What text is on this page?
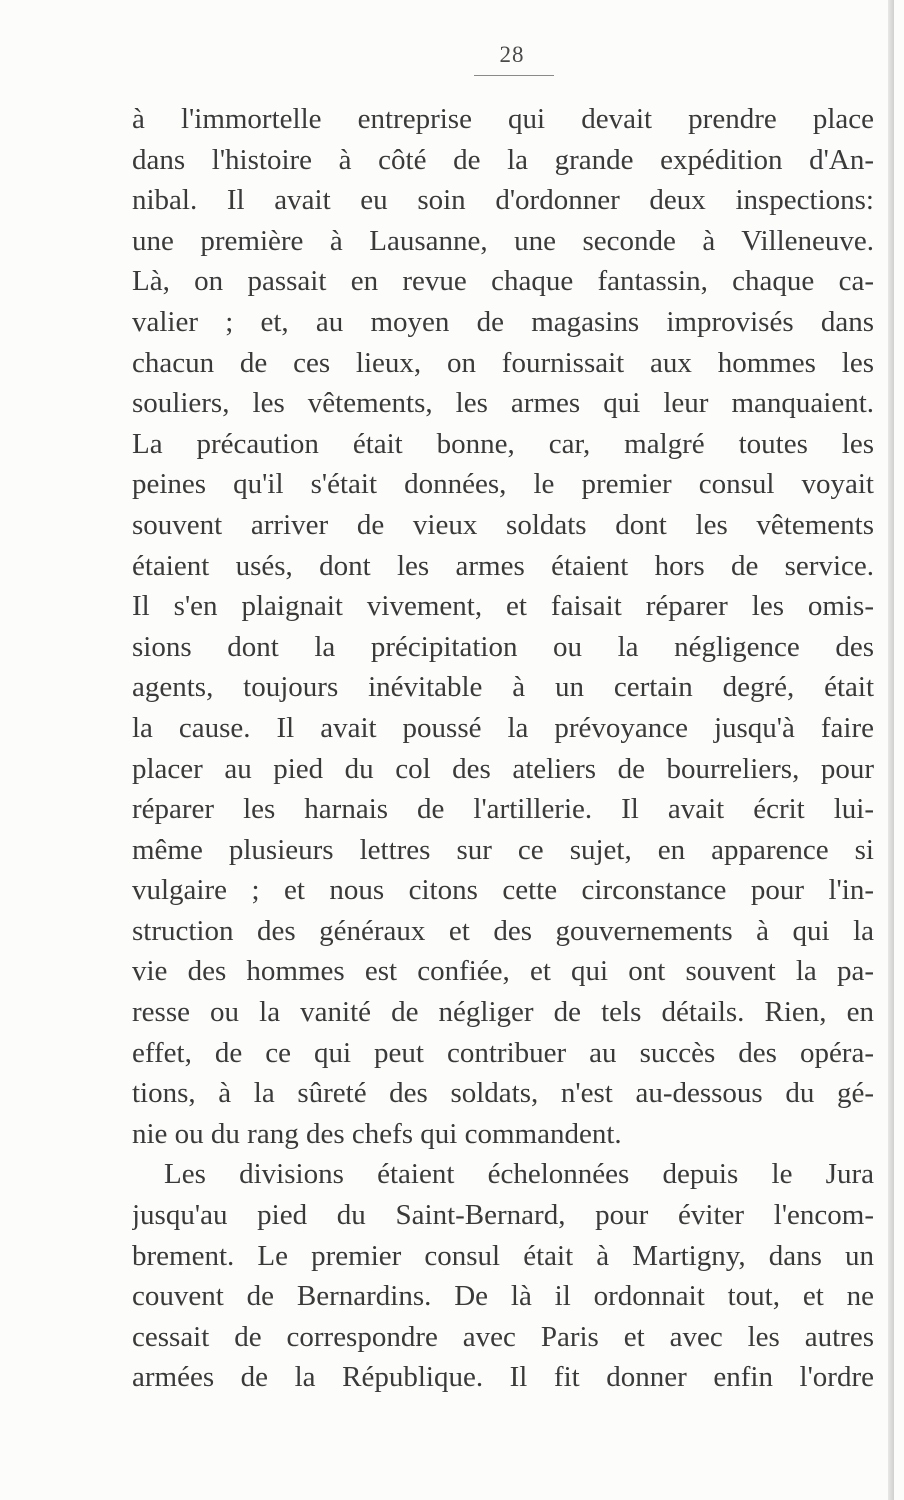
28
à l'immortelle entreprise qui devait prendre place
dans l'histoire à côté de la grande expédition d'An-
nibal. Il avait eu soin d'ordonner deux inspections:
une première à Lausanne, une seconde à Villeneuve.
Là, on passait en revue chaque fantassin, chaque ca-
valier ; et, au moyen de magasins improvisés dans
chacun de ces lieux, on fournissait aux hommes les
souliers, les vêtements, les armes qui leur manquaient.
La précaution était bonne, car, malgré toutes les
peines qu'il s'était données, le premier consul voyait
souvent arriver de vieux soldats dont les vêtements
étaient usés, dont les armes étaient hors de service.
Il s'en plaignait vivement, et faisait réparer les omis-
sions dont la précipitation ou la négligence des
agents, toujours inévitable à un certain degré, était
la cause. Il avait poussé la prévoyance jusqu'à faire
placer au pied du col des ateliers de bourreliers, pour
réparer les harnais de l'artillerie. Il avait écrit lui-
même plusieurs lettres sur ce sujet, en apparence si
vulgaire ; et nous citons cette circonstance pour l'in-
struction des généraux et des gouvernements à qui la
vie des hommes est confiée, et qui ont souvent la pa-
resse ou la vanité de négliger de tels détails. Rien, en
effet, de ce qui peut contribuer au succès des opéra-
tions, à la sûreté des soldats, n'est au-dessous du gé-
nie ou du rang des chefs qui commandent.
Les divisions étaient échelonnées depuis le Jura
jusqu'au pied du Saint-Bernard, pour éviter l'encom-
brement. Le premier consul était à Martigny, dans un
couvent de Bernardins. De là il ordonnait tout, et ne
cessait de correspondre avec Paris et avec les autres
armées de la République. Il fit donner enfin l'ordre
